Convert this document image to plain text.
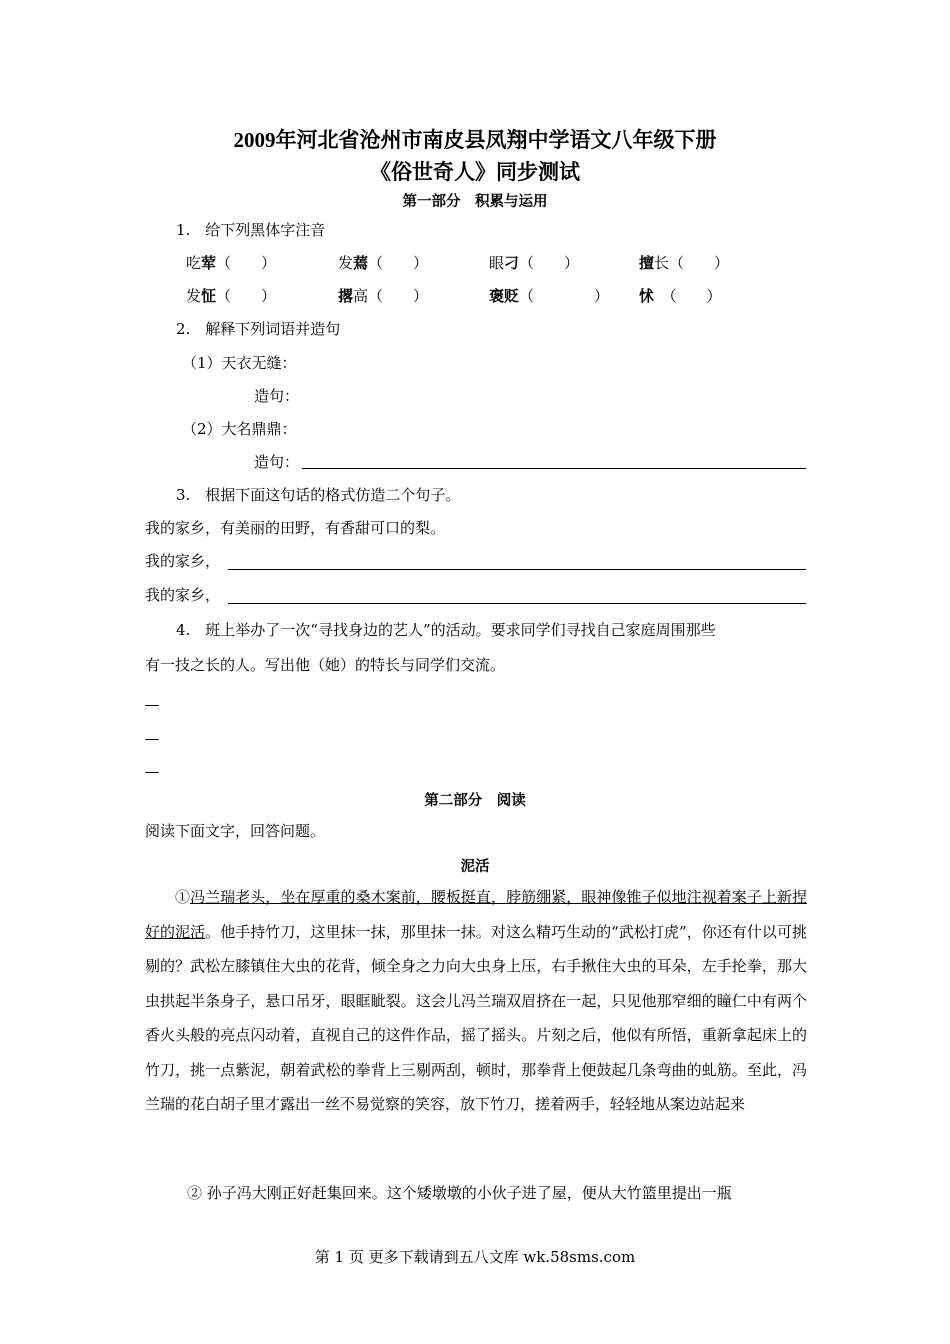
2009年河北省沧州市南皮县凤翔中学语文八年级下册
《俗世奇人》同步测试
第一部分　积累与运用
1.　给下列黑体字注音
吃荤（　　）	发蔫（　　）	眼刁（　　）	擅长（　　）
发怔（　　）	撂高（　　）	褒贬（　　　　） 怵　（　　）
2.　解释下列词语并造句
（1）天衣无缝：
造句：
（2）大名鼎鼎：
造句：
3.　根据下面这句话的格式仿造二个句子。
我的家乡，有美丽的田野，有香甜可口的梨。
我的家乡，
我的家乡，
4.　班上举办了一次“寻找身边的艺人”的活动。要求同学们寻找自己家庭周围那些
有一技之长的人。写出他（她）的特长与同学们交流。
第二部分　阅读
阅读下面文字，回答问题。
泥活
①冯兰瑞老头，坐在厚重的桑木案前，腰板挺直，脖筋绷紧，眼神像锥子似地注视着案子上新捏好的泥活。他手持竹刀，这里抹一抹，那里抹一抹。对这么精巧生动的“武松打虎”，你还有什以可挑剔的？武松左膝镇住大虫的花背，倾全身之力向大虫身上压，右手揪住大虫的耳朵，左手抡拳，那大虫拱起半条身子，悬口吊牙，眼眶眦裂。这会儿冯兰瑞双眉挤在一起，只见他那窄细的瞳仁中有两个香火头般的亮点闪动着，直视自己的这件作品，摇了摇头。片刻之后，他似有所悟，重新拿起床上的竹刀，挑一点紫泥，朝着武松的拳背上三剔两刮，顿时，那拳背上便鼓起几条弯曲的虬筋。至此，冯兰瑞的花白胡子里才露出一丝不易觉察的笑容，放下竹刀，搓着两手，轻轻地从案边站起来
② 孙子冯大刚正好赶集回来。这个矮墩墩的小伙子进了屋，便从大竹篮里提出一瓶
第 1 页 更多下载请到五八文库 wk.58sms.com
